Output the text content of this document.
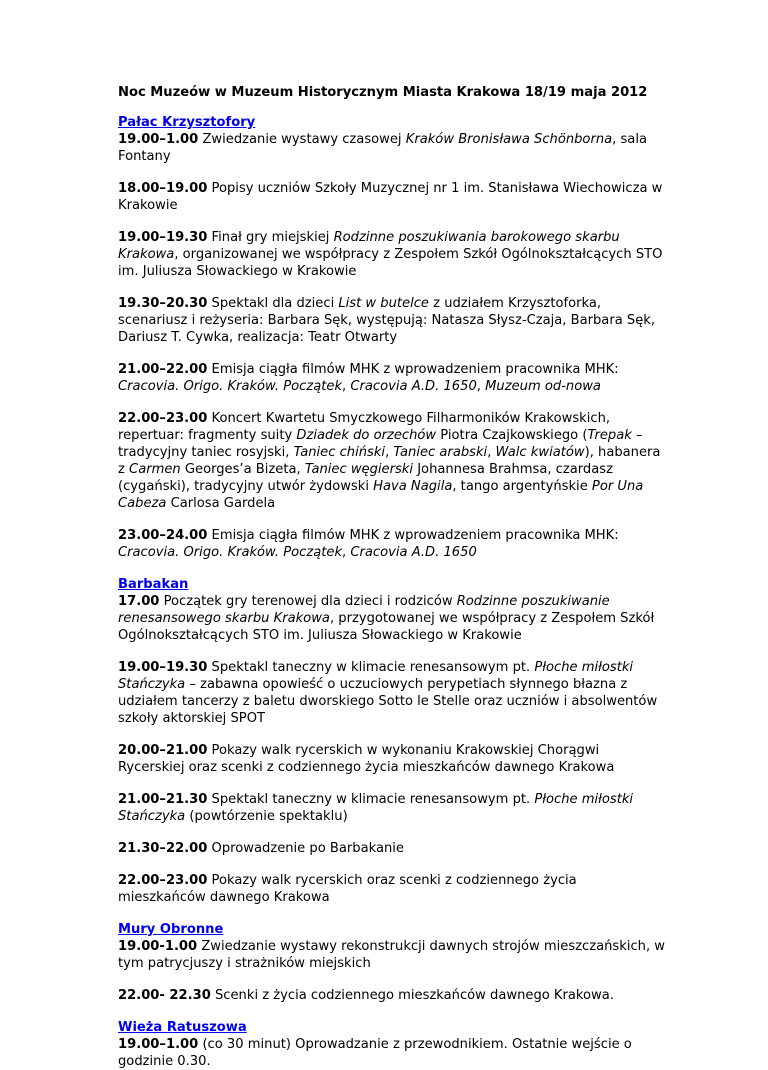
Noc Muzeów w Muzeum Historycznym Miasta Krakowa 18/19 maja 2012
Pałac Krzysztofory
19.00–1.00 Zwiedzanie wystawy czasowej Kraków Bronisława Schönborna, sala Fontany
18.00–19.00 Popisy uczniów Szkoły Muzycznej nr 1 im. Stanisława Wiechowicza w Krakowie
19.00–19.30 Finał gry miejskiej Rodzinne poszukiwania barokowego skarbu Krakowa, organizowanej we współpracy z Zespołem Szkół Ogólnokształcących STO im. Juliusza Słowackiego w Krakowie
19.30–20.30 Spektakl dla dzieci List w butelce z udziałem Krzysztoforka, scenariusz i reżyseria: Barbara Sęk, występują: Natasza Słysz-Czaja, Barbara Sęk, Dariusz T. Cywka, realizacja: Teatr Otwarty
21.00–22.00 Emisja ciągła filmów MHK z wprowadzeniem pracownika MHK: Cracovia. Origo. Kraków. Początek, Cracovia A.D. 1650, Muzeum od-nowa
22.00–23.00 Koncert Kwartetu Smyczkowego Filharmoników Krakowskich, repertuar: fragmenty suity Dziadek do orzechów Piotra Czajkowskiego (Trepak – tradycyjny taniec rosyjski, Taniec chiński, Taniec arabski, Walc kwiatów), habanera z Carmen Georges’a Bizeta, Taniec węgierski Johannesa Brahmsa, czardasz (cygański), tradycyjny utwór żydowski Hava Nagila, tango argentyńskie Por Una Cabeza Carlosa Gardela
23.00–24.00 Emisja ciągła filmów MHK z wprowadzeniem pracownika MHK: Cracovia. Origo. Kraków. Początek, Cracovia A.D. 1650
Barbakan
17.00 Początek gry terenowej dla dzieci i rodziców Rodzinne poszukiwanie renesansowego skarbu Krakowa, przygotowanej we współpracy z Zespołem Szkół Ogólnokształcących STO im. Juliusza Słowackiego w Krakowie
19.00–19.30 Spektakl taneczny w klimacie renesansowym pt. Płoche miłostki Stańczyka – zabawna opowieść o uczuciowych perypetiach słynnego błazna z udziałem tancerzy z baletu dworskiego Sotto le Stelle oraz uczniów i absolwentów szkoły aktorskiej SPOT
20.00–21.00 Pokazy walk rycerskich w wykonaniu Krakowskiej Chorągwi Rycerskiej oraz scenki z codziennego życia mieszkańców dawnego Krakowa
21.00–21.30 Spektakl taneczny w klimacie renesansowym pt. Płoche miłostki Stańczyka (powtórzenie spektaklu)
21.30–22.00 Oprowadzenie po Barbakanie
22.00–23.00 Pokazy walk rycerskich oraz scenki z codziennego życia mieszkańców dawnego Krakowa
Mury Obronne
19.00-1.00 Zwiedzanie wystawy rekonstrukcji dawnych strojów mieszczańskich, w tym patrycjuszy i strażników miejskich
22.00- 22.30 Scenki z życia codziennego mieszkańców dawnego Krakowa.
Wieża Ratuszowa
19.00–1.00 (co 30 minut) Oprowadzanie z przewodnikiem. Ostatnie wejście o godzinie 0.30.
